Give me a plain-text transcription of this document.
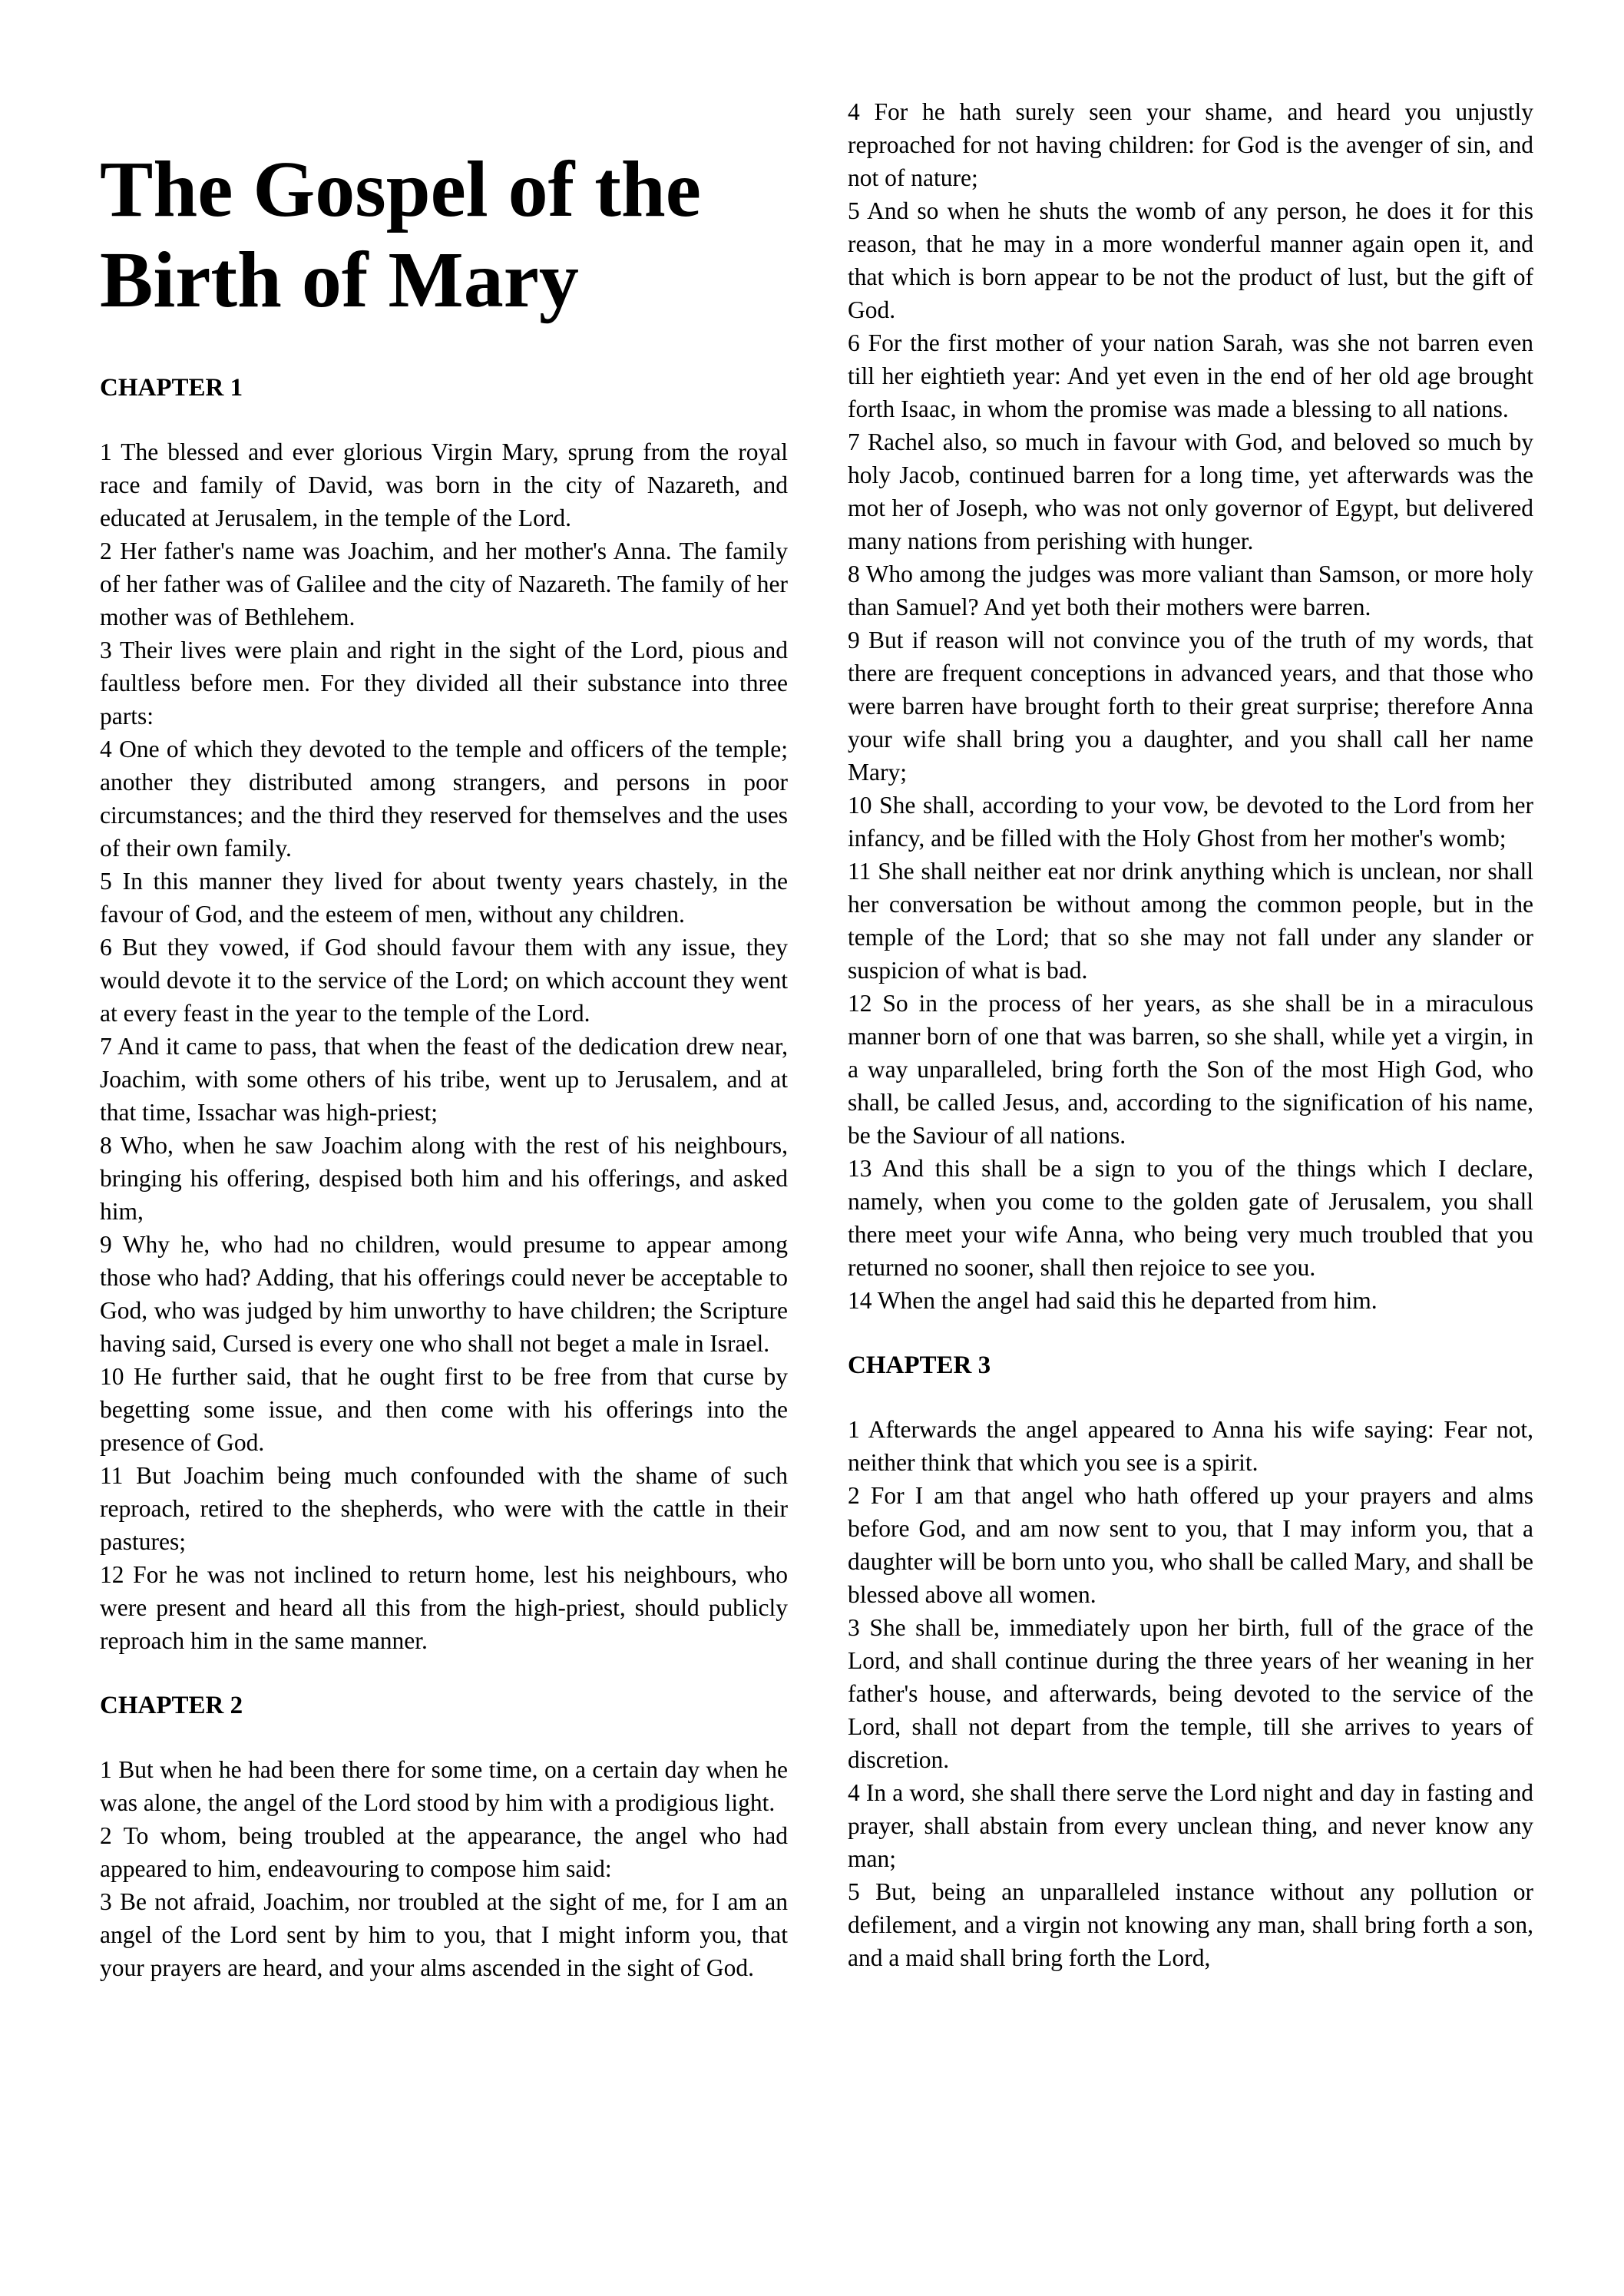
The Gospel of the Birth of Mary
CHAPTER 1

1 The blessed and ever glorious Virgin Mary, sprung from the royal race and family of David, was born in the city of Nazareth, and educated at Jerusalem, in the temple of the Lord.

2 Her father's name was Joachim, and her mother's Anna. The family of her father was of Galilee and the city of Nazareth. The family of her mother was of Bethlehem.

3 Their lives were plain and right in the sight of the Lord, pious and faultless before men. For they divided all their substance into three parts:

4 One of which they devoted to the temple and officers of the temple; another they distributed among strangers, and persons in poor circumstances; and the third they reserved for themselves and the uses of their own family.

5 In this manner they lived for about twenty years chastely, in the favour of God, and the esteem of men, without any children.

6 But they vowed, if God should favour them with any issue, they would devote it to the service of the Lord; on which account they went at every feast in the year to the temple of the Lord.

7 And it came to pass, that when the feast of the dedication drew near, Joachim, with some others of his tribe, went up to Jerusalem, and at that time, Issachar was high-priest;

8 Who, when he saw Joachim along with the rest of his neighbours, bringing his offering, despised both him and his offerings, and asked him,

9 Why he, who had no children, would presume to appear among those who had? Adding, that his offerings could never be acceptable to God, who was judged by him unworthy to have children; the Scripture having said, Cursed is every one who shall not beget a male in Israel.

10 He further said, that he ought first to be free from that curse by begetting some issue, and then come with his offerings into the presence of God.

11 But Joachim being much confounded with the shame of such reproach, retired to the shepherds, who were with the cattle in their pastures;

12 For he was not inclined to return home, lest his neighbours, who were present and heard all this from the high-priest, should publicly reproach him in the same manner.

CHAPTER 2

1 But when he had been there for some time, on a certain day when he was alone, the angel of the Lord stood by him with a prodigious light.

2 To whom, being troubled at the appearance, the angel who had appeared to him, endeavouring to compose him said:

3 Be not afraid, Joachim, nor troubled at the sight of me, for I am an angel of the Lord sent by him to you, that I might inform you, that your prayers are heard, and your alms ascended in the sight of God.

4 For he hath surely seen your shame, and heard you unjustly reproached for not having children: for God is the avenger of sin, and not of nature;

5 And so when he shuts the womb of any person, he does it for this reason, that he may in a more wonderful manner again open it, and that which is born appear to be not the product of lust, but the gift of God.

6 For the first mother of your nation Sarah, was she not barren even till her eightieth year: And yet even in the end of her old age brought forth Isaac, in whom the promise was made a blessing to all nations.

7 Rachel also, so much in favour with God, and beloved so much by holy Jacob, continued barren for a long time, yet afterwards was the mot her of Joseph, who was not only governor of Egypt, but delivered many nations from perishing with hunger.

8 Who among the judges was more valiant than Samson, or more holy than Samuel? And yet both their mothers were barren.

9 But if reason will not convince you of the truth of my words, that there are frequent conceptions in advanced years, and that those who were barren have brought forth to their great surprise; therefore Anna your wife shall bring you a daughter, and you shall call her name Mary;

10 She shall, according to your vow, be devoted to the Lord from her infancy, and be filled with the Holy Ghost from her mother's womb;

11 She shall neither eat nor drink anything which is unclean, nor shall her conversation be without among the common people, but in the temple of the Lord; that so she may not fall under any slander or suspicion of what is bad.

12 So in the process of her years, as she shall be in a miraculous manner born of one that was barren, so she shall, while yet a virgin, in a way unparalleled, bring forth the Son of the most High God, who shall, be called Jesus, and, according to the signification of his name, be the Saviour of all nations.

13 And this shall be a sign to you of the things which I declare, namely, when you come to the golden gate of Jerusalem, you shall there meet your wife Anna, who being very much troubled that you returned no sooner, shall then rejoice to see you.

14 When the angel had said this he departed from him.

CHAPTER 3

1 Afterwards the angel appeared to Anna his wife saying: Fear not, neither think that which you see is a spirit.

2 For I am that angel who hath offered up your prayers and alms before God, and am now sent to you, that I may inform you, that a daughter will be born unto you, who shall be called Mary, and shall be blessed above all women.

3 She shall be, immediately upon her birth, full of the grace of the Lord, and shall continue during the three years of her weaning in her father's house, and afterwards, being devoted to the service of the Lord, shall not depart from the temple, till she arrives to years of discretion.

4 In a word, she shall there serve the Lord night and day in fasting and prayer, shall abstain from every unclean thing, and never know any man;

5 But, being an unparalleled instance without any pollution or defilement, and a virgin not knowing any man, shall bring forth a son, and a maid shall bring forth the Lord,
